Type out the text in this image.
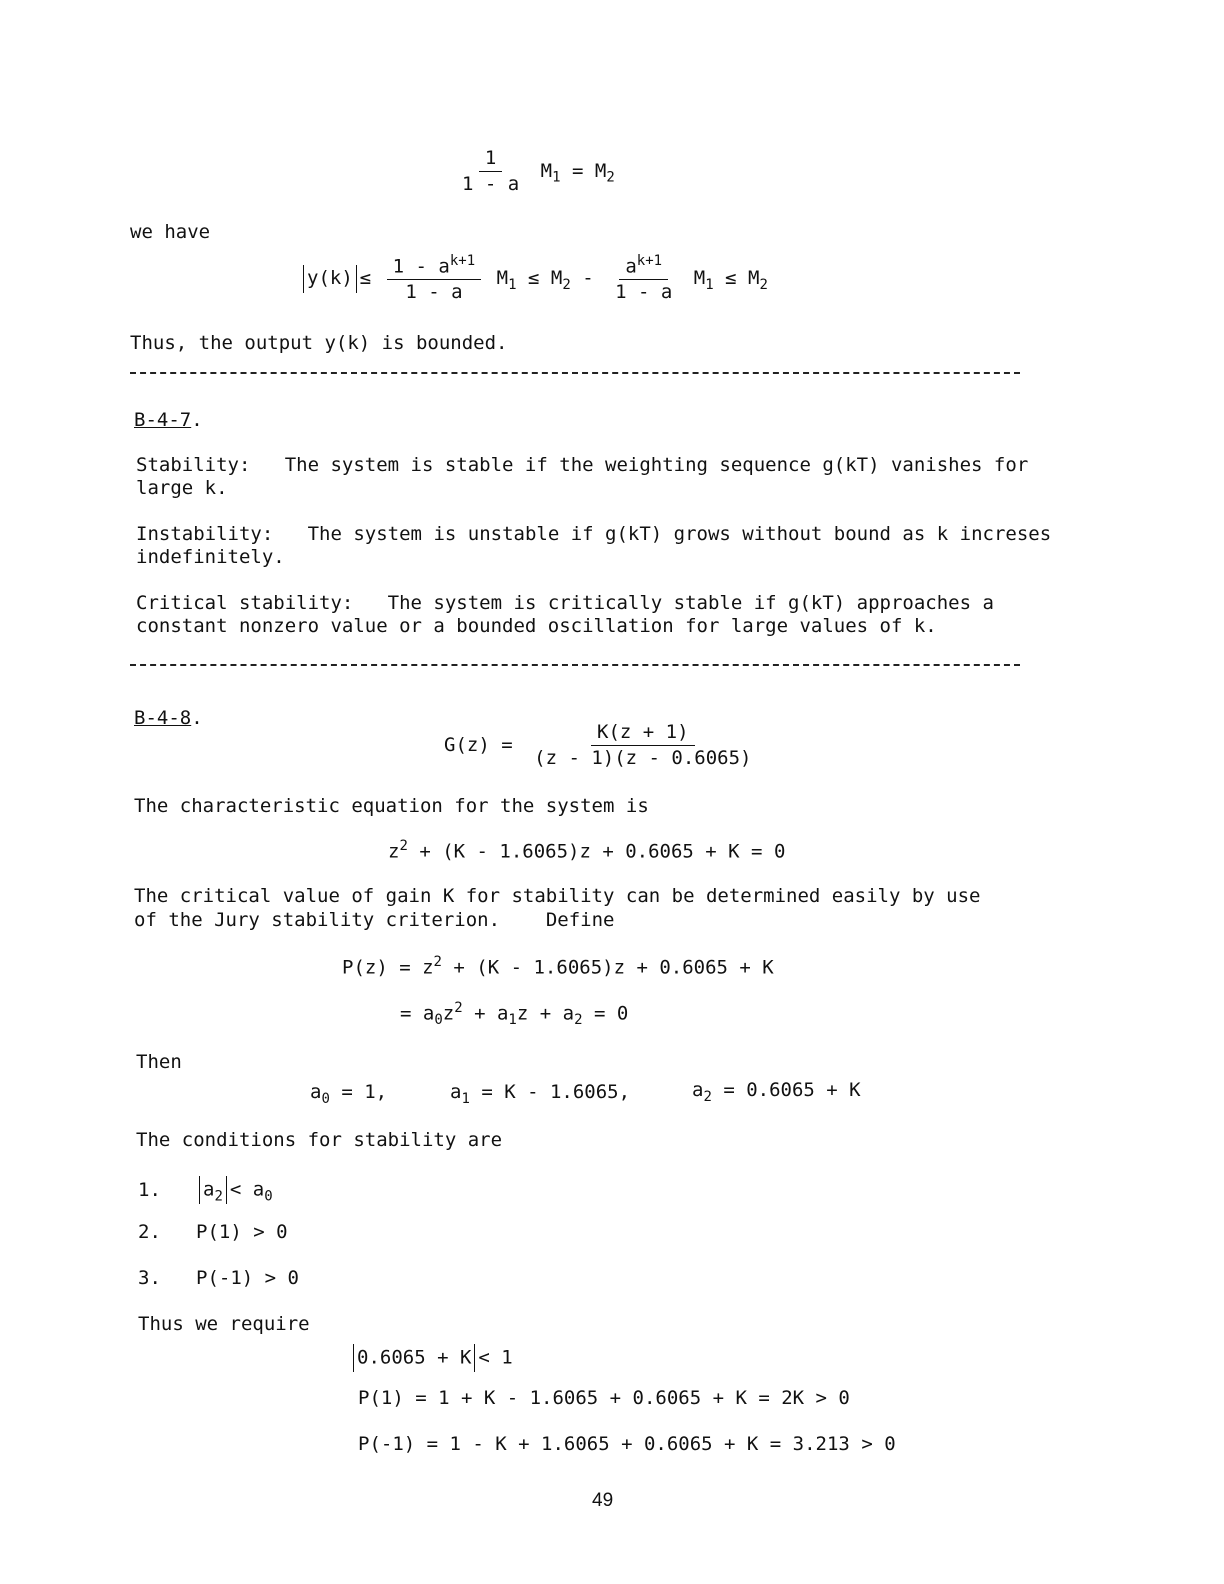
$\frac{1}{1 - a} M_1 = M_2$
we have
$y(k) \le \frac{1 - a^{k+1}}{1 - a} M_1 \le M_2 - \frac{a^{k+1}}{1 - a} M_1 \le M_2$
Thus, the output y(k) is bounded.
B-4-7.
Stability: The system is stable if the weighting sequence g(kT) vanishes for
large k.
Instability: The system is unstable if g(kT) grows without bound as k increses
indefinitely.
Critical stability: The system is critically stable if g(kT) approaches a
constant nonzero value or a bounded oscillation for large values of k.
B-4-8.
$G(z) = \frac{K(z + 1)}{(z - 1)(z - 0.6065)}$
The characteristic equation for the system is
$z^2 + (K - 1.6065)z + 0.6065 + K = 0$
The critical value of gain K for stability can be determined easily by use
of the Jury stability criterion. Define
$P(z) = z^2 + (K - 1.6065)z + 0.6065 + K$
= $a_0z^2 + a_1z + a_2 = 0$
Then
$a_0 = 1$,	$a_1 = K - 1.6065$,	$a_2 = 0.6065 + K$
The conditions for stability are
1.	$a_2 < a_0$
2. P(1) > 0
3. P(-1) > 0
Thus we require
0.6065 + K < 1
P(1) = 1 + K - 1.6065 + 0.6065 + K = 2K > 0
P(-1) = 1 - K + 1.6065 + 0.6065 + K = 3.213 > 0
49
